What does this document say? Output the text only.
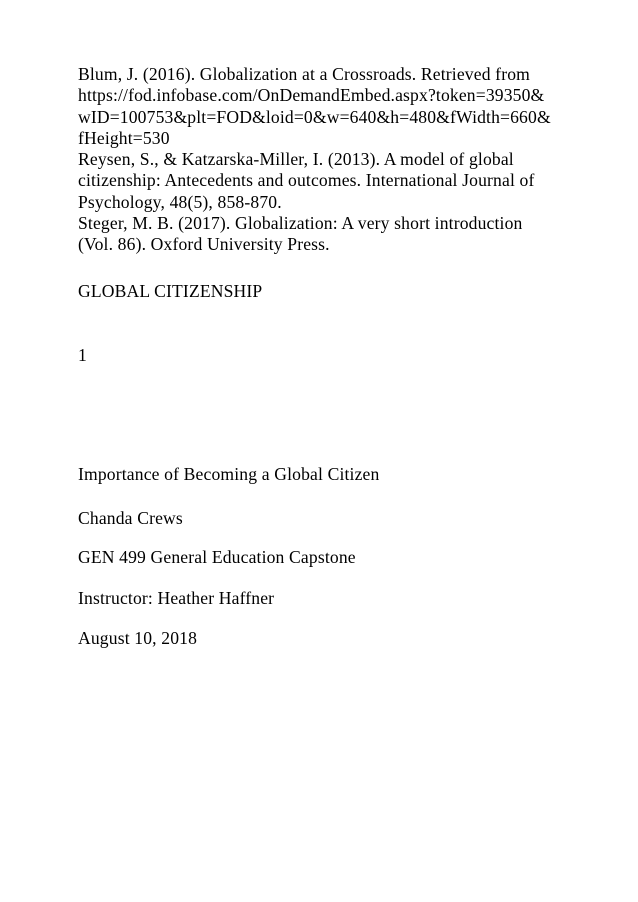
Blum, J. (2016). Globalization at a Crossroads. Retrieved from
https://fod.infobase.com/OnDemandEmbed.aspx?token=39350&
wID=100753&plt=FOD&loid=0&w=640&h=480&fWidth=660&
fHeight=530
Reysen, S., & Katzarska-Miller, I. (2013). A model of global
citizenship: Antecedents and outcomes. International Journal of
Psychology, 48(5), 858-870.
Steger, M. B. (2017). Globalization: A very short introduction
(Vol. 86). Oxford University Press.
GLOBAL CITIZENSHIP
1
Importance of Becoming a Global Citizen
Chanda Crews
GEN 499 General Education Capstone
Instructor: Heather Haffner
August 10, 2018
